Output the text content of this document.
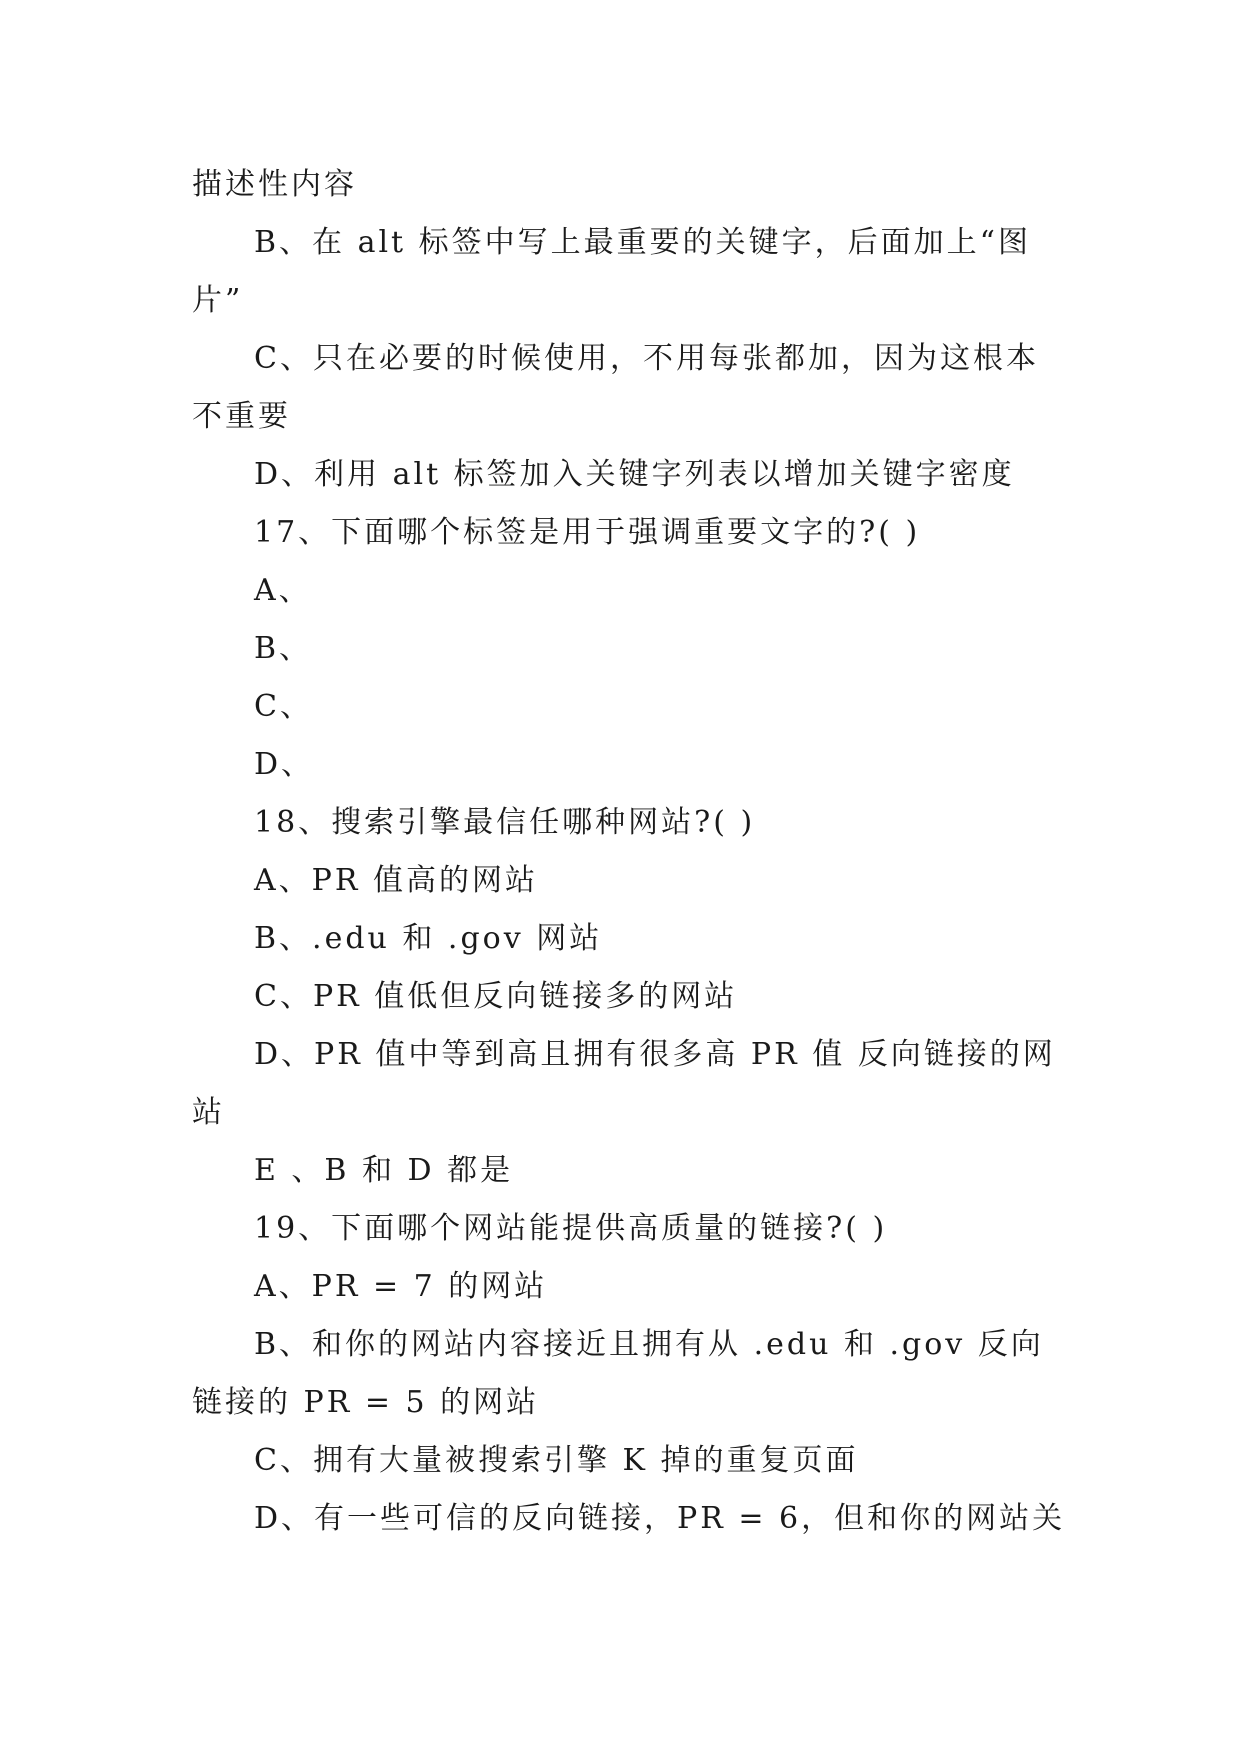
描述性内容

B、在 alt 标签中写上最重要的关键字，后面加上“图

片”

C、只在必要的时候使用，不用每张都加，因为这根本

不重要

D、利用 alt 标签加入关键字列表以增加关键字密度

17、下面哪个标签是用于强调重要文字的?( )

A、

B、

C、

D、

18、搜索引擎最信任哪种网站?( )

A、PR 值高的网站

B、.edu 和 .gov 网站

C、PR 值低但反向链接多的网站

D、PR 值中等到高且拥有很多高 PR 值 反向链接的网

站

E 、B 和 D 都是

19、下面哪个网站能提供高质量的链接?( )

A、PR = 7 的网站

B、和你的网站内容接近且拥有从 .edu 和 .gov 反向

链接的 PR = 5 的网站

C、拥有大量被搜索引擎 K 掉的重复页面

D、有一些可信的反向链接，PR = 6，但和你的网站关
